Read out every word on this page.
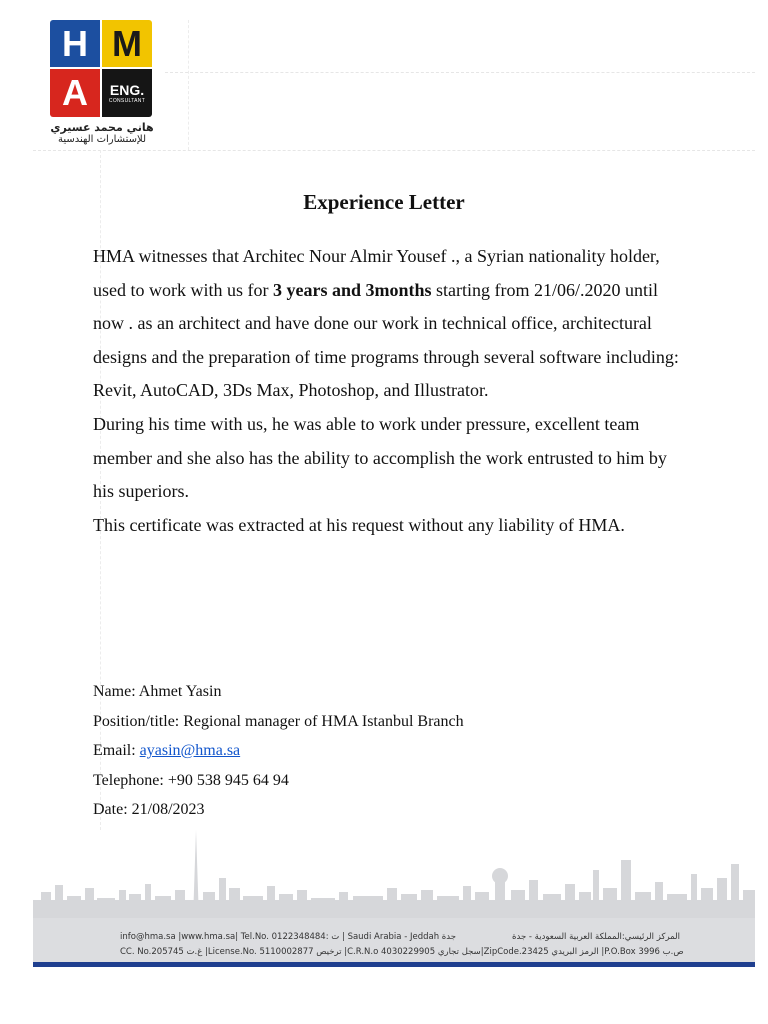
H M
A	ENG.
CONSULTANT
هاني محمد عسيري
للإستشارات الهندسية
Experience Letter

HMA witnesses that Architec Nour Almir Yousef ., a Syrian nationality holder, used to work with us for 3 years and 3months starting from 21/06/.2020 until now . as an architect and have done our work in technical office, architectural designs and the preparation of time programs through several software including: Revit, AutoCAD, 3Ds Max, Photoshop, and Illustrator.

During his time with us, he was able to work under pressure, excellent team member and she also has the ability to accomplish the work entrusted to him by his superiors.

This certificate was extracted at his request without any liability of HMA.

Name: Ahmet Yasin
Position/title: Regional manager of HMA Istanbul Branch
Email: ayasin@hma.sa
Telephone: +90 538 945 64 94
Date: 21/08/2023
info@hma.sa |www.hma.sa| Tel.No. 0122348484: ت | Saudi Arabia - Jeddah جدة	المركز الرئيسي:المملكة العربية السعودية - جدة
CC. No.205745 غ.ت |License.No. 5110002877 ترخيص |C.R.N.o 4030229905 سجل تجاري |ZipCode.23425 الرمز البريدي |P.O.Box 3996 ص.ب
